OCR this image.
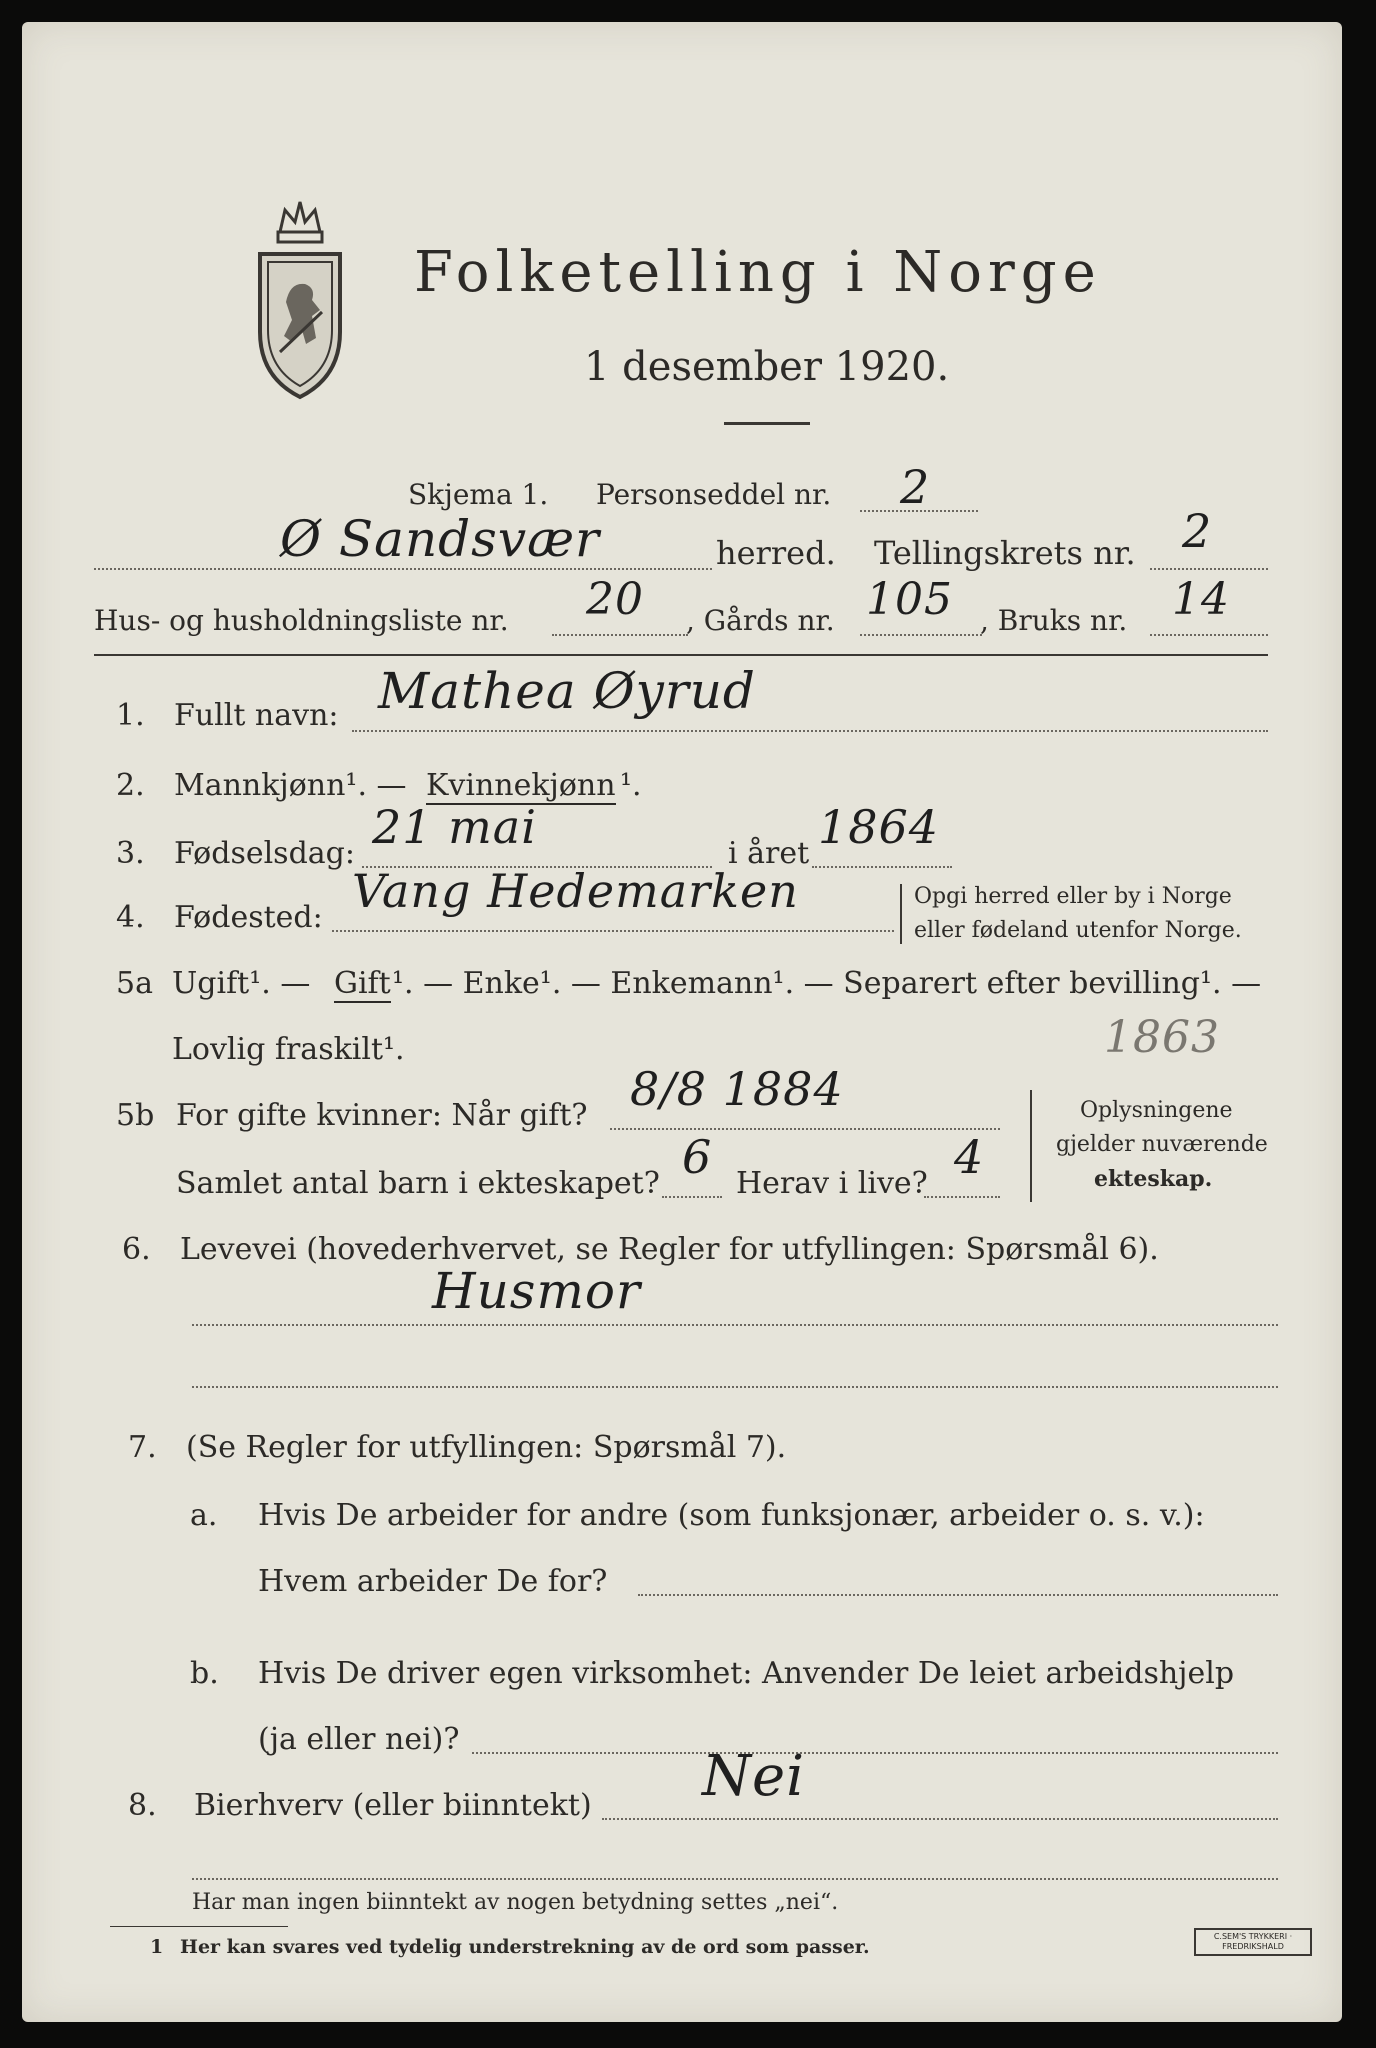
Folketelling i Norge
1 desember 1920.
Skjema 1. Personseddel nr. 2
Ø Sandsvær	herred. Tellingskrets nr. 2
Hus- og husholdningsliste nr. 20 , Gårds nr. 105 , Bruks nr. 14
1. Fullt navn: Mathea Øyrud
2. Mannkjønn¹. — Kvinnekjønn ¹.
3. Fødselsdag: 21 mai	i året 1864
4. Fødested: Vang Hedemarken	Opgi herred eller by i Norge
eller fødeland utenfor Norge.
5a Ugift¹. — Gift ¹. — Enke¹. — Enkemann¹. — Separert efter bevilling¹. —
Lovlig fraskilt¹.	1863
5b For gifte kvinner: Når gift? 8/8 1884
Samlet antal barn i ekteskapet? 6 Herav i live? 4
Oplysningene
gjelder nuværende
ekteskap.
6. Levevei (hovederhvervet, se Regler for utfyllingen: Spørsmål 6).
Husmor
7. (Se Regler for utfyllingen: Spørsmål 7).
a. Hvis De arbeider for andre (som funksjonær, arbeider o. s. v.):
Hvem arbeider De for?
b. Hvis De driver egen virksomhet: Anvender De leiet arbeidshjelp
(ja eller nei)?
8. Bierhverv (eller biinntekt) Nei
Har man ingen biinntekt av nogen betydning settes „nei“.
1 Her kan svares ved tydelig understrekning av de ord som passer.	C.SEM'S TRYKKERI · FREDRIKSHALD
